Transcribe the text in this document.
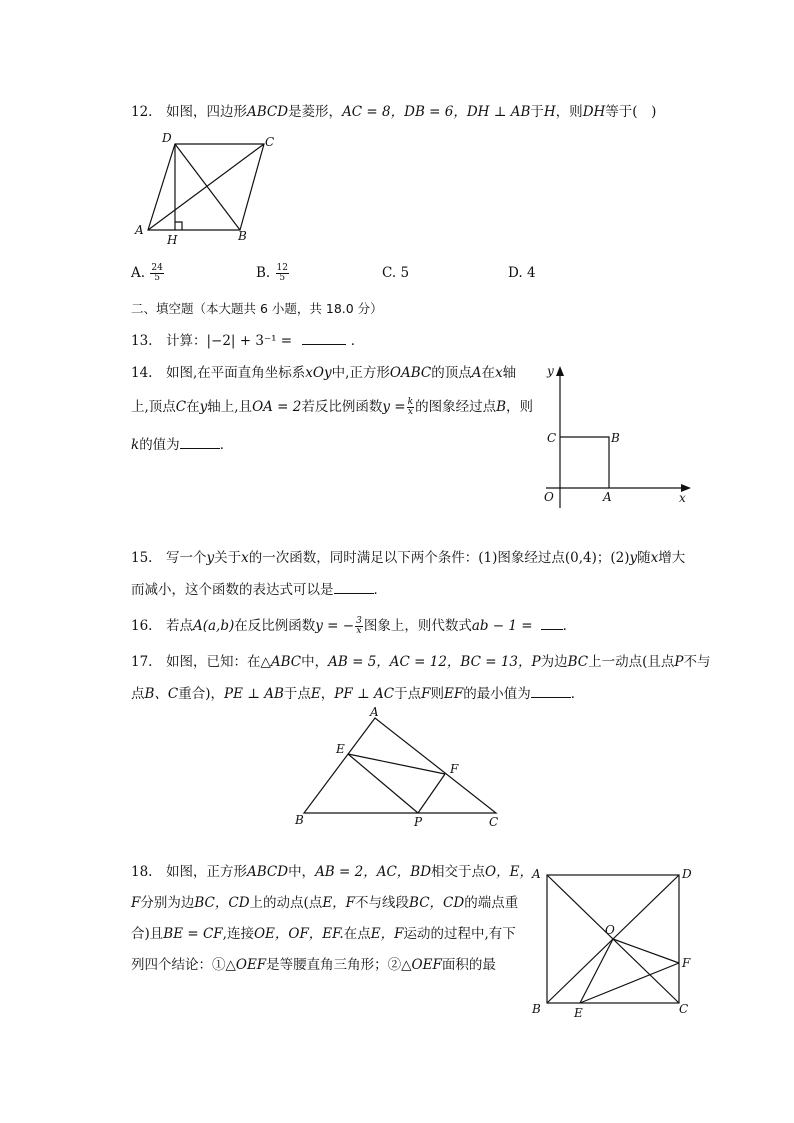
12.　如图，四边形ABCD是菱形，AC = 8，DB = 6，DH ⊥ AB于H，则DH等于(　)
D	C
A
H	B
A. $\frac{24}{5}$	B. $\frac{12}{5}$	C. 5	D. 4
二、填空题（本大题共 6 小题，共 18.0 分）
13.　计算：|−2| + 3⁻¹ =	．
14.　如图,在平面直角坐标系xOy中,正方形OABC的顶点A在x轴
上,顶点C在y轴上,且OA = 2若反比例函数$y = \frac{k}{x}$ 的图象经过点B，则
k的值为	．
y
x
O	A
B
C
15.　写一个y关于x的一次函数，同时满足以下两个条件：(1)图象经过点(0,4)；(2)y随x增大
而减小，这个函数的表达式可以是	．
16.　若点A(a,b)在反比例函数y = − $\frac{3}{x}$ 图象上，则代数式ab − 1 = ．
17.　如图，已知：在△ABC中，AB = 5，AC = 12，BC = 13，P为边BC上一动点(且点P不与
点B、C重合)，PE ⊥ AB于点E，PF ⊥ AC于点F则EF的最小值为	．
A
E
F
B	P	C
18.　如图，正方形ABCD中，AB = 2，AC，BD相交于点O，E，
F分别为边BC，CD上的动点(点E，F不与线段BC，CD的端点重
合)且BE = CF,连接OE，OF，EF.在点E，F运动的过程中,有下
列四个结论：①△OEF是等腰直角三角形；②△OEF面积的最
A	D
O
F
B	E	C
